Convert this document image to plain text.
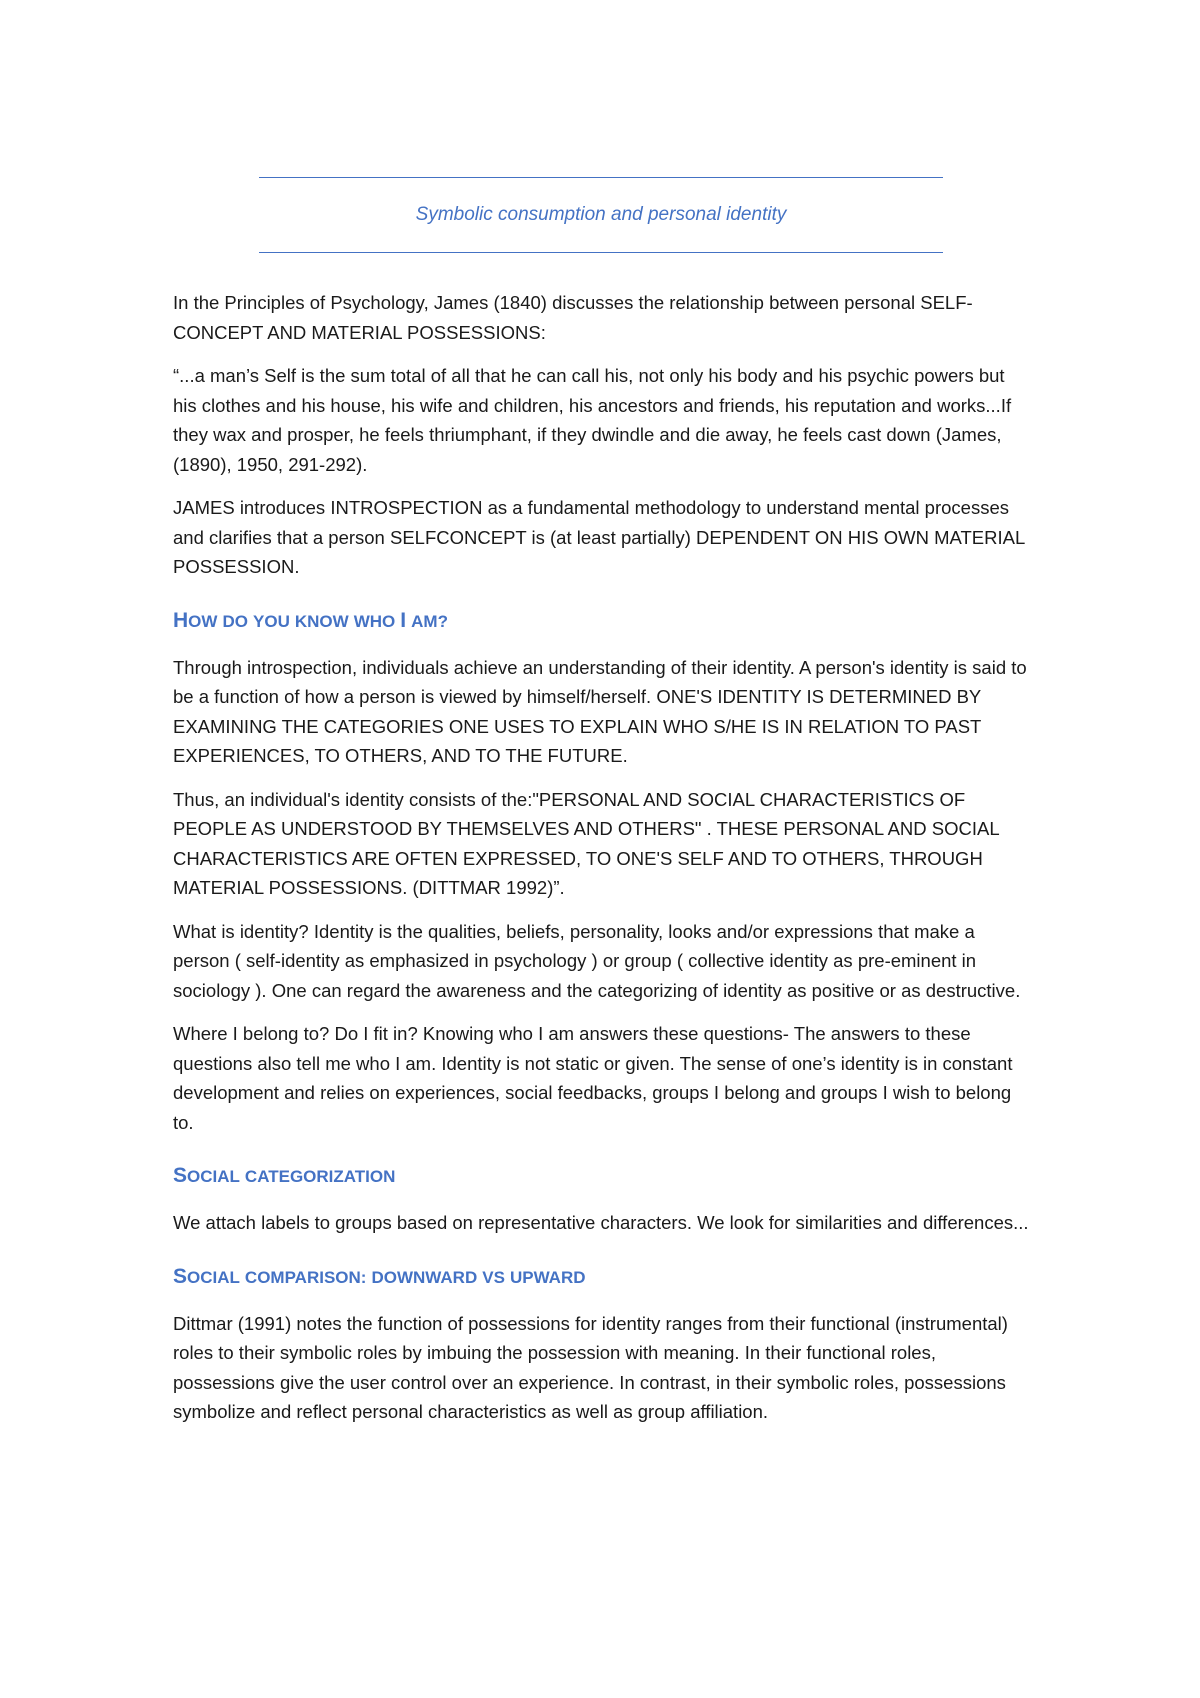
Symbolic consumption and personal identity

In the Principles of Psychology, James (1840) discusses the relationship between personal SELF-CONCEPT AND MATERIAL POSSESSIONS:

“...a man’s Self is the sum total of all that he can call his, not only his body and his psychic powers but his clothes and his house, his wife and children, his ancestors and friends, his reputation and works...If they wax and prosper, he feels thriumphant, if they dwindle and die away, he feels cast down (James, (1890), 1950, 291-292).

JAMES introduces INTROSPECTION as a fundamental methodology to understand mental processes and clarifies that a person SELFCONCEPT is (at least partially) DEPENDENT ON HIS OWN MATERIAL POSSESSION.

HOW DO YOU KNOW WHO I AM?

Through introspection, individuals achieve an understanding of their identity. A person's identity is said to be a function of how a person is viewed by himself/herself. ONE'S IDENTITY IS DETERMINED BY EXAMINING THE CATEGORIES ONE USES TO EXPLAIN WHO S/HE IS IN RELATION TO PAST EXPERIENCES, TO OTHERS, AND TO THE FUTURE.

Thus, an individual's identity consists of the:"PERSONAL AND SOCIAL CHARACTERISTICS OF PEOPLE AS UNDERSTOOD BY THEMSELVES AND OTHERS" . THESE PERSONAL AND SOCIAL CHARACTERISTICS ARE OFTEN EXPRESSED, TO ONE'S SELF AND TO OTHERS, THROUGH MATERIAL POSSESSIONS. (DITTMAR 1992)”.

What is identity? Identity is the qualities, beliefs, personality, looks and/or expressions that make a person ( self-identity as emphasized in psychology ) or group ( collective identity as pre-eminent in sociology ). One can regard the awareness and the categorizing of identity as positive or as destructive.

Where I belong to? Do I fit in? Knowing who I am answers these questions- The answers to these questions also tell me who I am. Identity is not static or given. The sense of one’s identity is in constant development and relies on experiences, social feedbacks, groups I belong and groups I wish to belong to.

SOCIAL CATEGORIZATION

We attach labels to groups based on representative characters. We look for similarities and differences...

SOCIAL COMPARISON: DOWNWARD VS UPWARD

Dittmar (1991) notes the function of possessions for identity ranges from their functional (instrumental) roles to their symbolic roles by imbuing the possession with meaning. In their functional roles, possessions give the user control over an experience. In contrast, in their symbolic roles, possessions symbolize and reflect personal characteristics as well as group affiliation.
